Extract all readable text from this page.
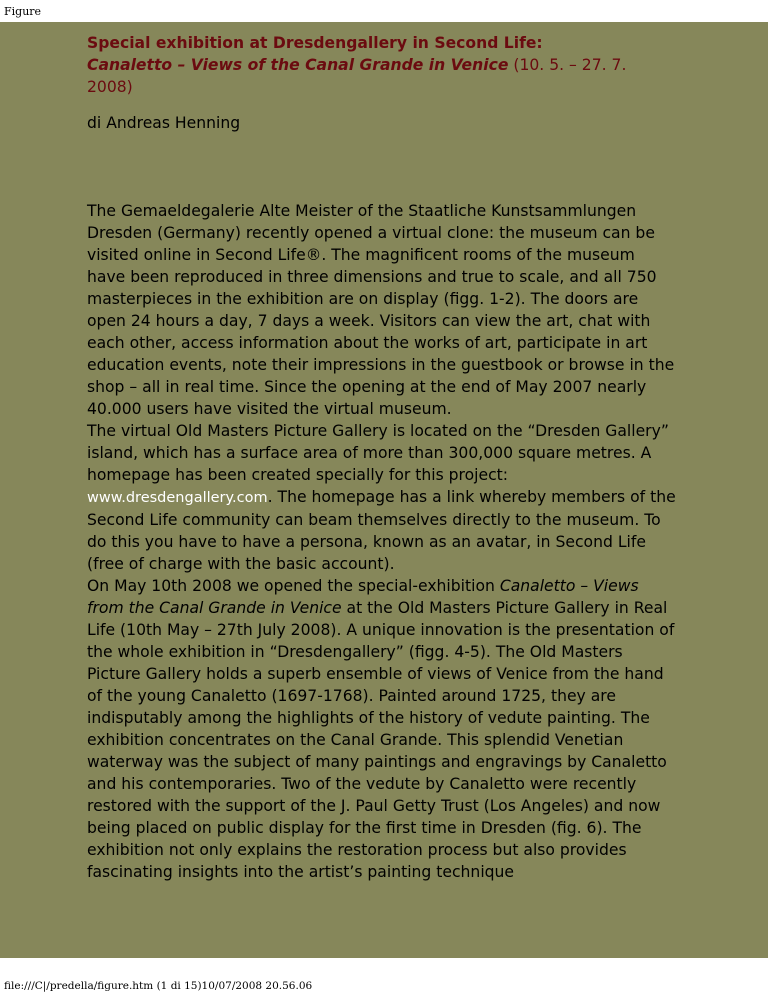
Figure
Special exhibition at Dresdengallery in Second Life:
Canaletto – Views of the Canal Grande in Venice (10. 5. – 27. 7. 2008)

di Andreas Henning

The Gemaeldegalerie Alte Meister of the Staatliche Kunstsammlungen Dresden (Germany) recently opened a virtual clone: the museum can be visited online in Second Life®. The magnificent rooms of the museum have been reproduced in three dimensions and true to scale, and all 750 masterpieces in the exhibition are on display (figg. 1-2). The doors are open 24 hours a day, 7 days a week. Visitors can view the art, chat with each other, access information about the works of art, participate in art education events, note their impressions in the guestbook or browse in the shop – all in real time. Since the opening at the end of May 2007 nearly 40.000 users have visited the virtual museum.
The virtual Old Masters Picture Gallery is located on the “Dresden Gallery” island, which has a surface area of more than 300,000 square metres. A homepage has been created specially for this project: www.dresdengallery.com. The homepage has a link whereby members of the Second Life community can beam themselves directly to the museum. To do this you have to have a persona, known as an avatar, in Second Life (free of charge with the basic account).

On May 10th 2008 we opened the special-exhibition Canaletto – Views from the Canal Grande in Venice at the Old Masters Picture Gallery in Real Life (10th May – 27th July 2008). A unique innovation is the presentation of the whole exhibition in “Dresdengallery” (figg. 4-5). The Old Masters Picture Gallery holds a superb ensemble of views of Venice from the hand of the young Canaletto (1697-1768). Painted around 1725, they are indisputably among the highlights of the history of vedute painting. The exhibition concentrates on the Canal Grande. This splendid Venetian waterway was the subject of many paintings and engravings by Canaletto and his contemporaries. Two of the vedute by Canaletto were recently restored with the support of the J. Paul Getty Trust (Los Angeles) and now being placed on public display for the first time in Dresden (fig. 6). The exhibition not only explains the restoration process but also provides fascinating insights into the artist’s painting technique

file:///C|/predella/figure.htm (1 di 15)10/07/2008 20.56.06
